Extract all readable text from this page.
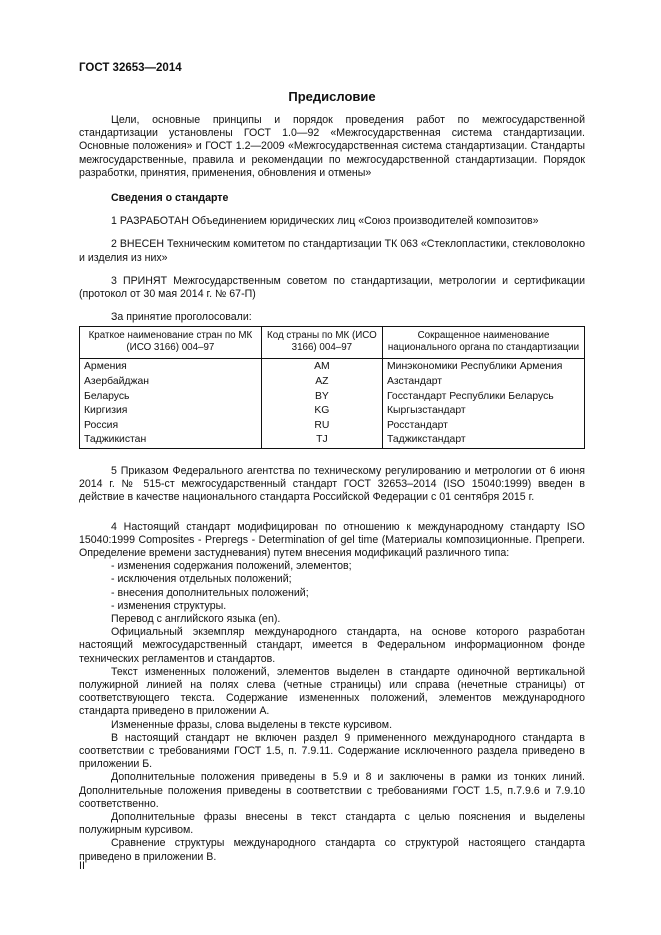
ГОСТ 32653—2014
Предисловие

Цели, основные принципы и порядок проведения работ по межгосударственной стандартизации установлены ГОСТ 1.0—92 «Межгосударственная система стандартизации. Основные положения» и ГОСТ 1.2—2009 «Межгосударственная система стандартизации. Стандарты межгосударственные, правила и рекомендации по межгосударственной стандартизации. Порядок разработки, принятия, применения, обновления и отмены»

Сведения о стандарте

1 РАЗРАБОТАН Объединением юридических лиц «Союз производителей композитов»

2 ВНЕСЕН Техническим комитетом по стандартизации ТК 063 «Стеклопластики, стекловолокно и изделия из них»

3 ПРИНЯТ Межгосударственным советом по стандартизации, метрологии и сертификации (протокол от 30 мая 2014 г. № 67-П)

За принятие проголосовали:

Краткое наименование стран по МК (ИСО 3166) 004–97	Код страны по МК (ИСО 3166) 004–97	Сокращенное наименование национального органа по стандартизации
Армения	AM	Минэкономики Республики Армения
Азербайджан	AZ	Азстандарт
Беларусь	BY	Госстандарт Республики Беларусь
Киргизия	KG	Кыргызстандарт
Россия	RU	Росстандарт
Таджикистан	TJ	Таджикстандарт

5 Приказом Федерального агентства по техническому регулированию и метрологии от 6 июня 2014 г. № 515-ст межгосударственный стандарт ГОСТ 32653–2014 (ISO 15040:1999) введен в действие в качестве национального стандарта Российской Федерации с 01 сентября 2015 г.

4 Настоящий стандарт модифицирован по отношению к международному стандарту ISO 15040:1999 Composites - Prepregs - Determination of gel time (Материалы композиционные. Препреги. Определение времени застудневания) путем внесения модификаций различного типа:

- изменения содержания положений, элементов;

- исключения отдельных положений;

- внесения дополнительных положений;

- изменения структуры.

Перевод с английского языка (en).

Официальный экземпляр международного стандарта, на основе которого разработан настоящий межгосударственный стандарт, имеется в Федеральном информационном фонде технических регламентов и стандартов.

Текст измененных положений, элементов выделен в стандарте одиночной вертикальной полужирной линией на полях слева (четные страницы) или справа (нечетные страницы) от соответствующего текста. Содержание измененных положений, элементов международного стандарта приведено в приложении А.

Измененные фразы, слова выделены в тексте курсивом.

В настоящий стандарт не включен раздел 9 примененного международного стандарта в соответствии с требованиями ГОСТ 1.5, п. 7.9.11. Содержание исключенного раздела приведено в приложении Б.

Дополнительные положения приведены в 5.9 и 8 и заключены в рамки из тонких линий. Дополнительные положения приведены в соответствии с требованиями ГОСТ 1.5, п.7.9.6 и 7.9.10 соответственно.

Дополнительные фразы внесены в текст стандарта с целью пояснения и выделены полужирным курсивом.

Сравнение структуры международного стандарта со структурой настоящего стандарта приведено в приложении В.

II
